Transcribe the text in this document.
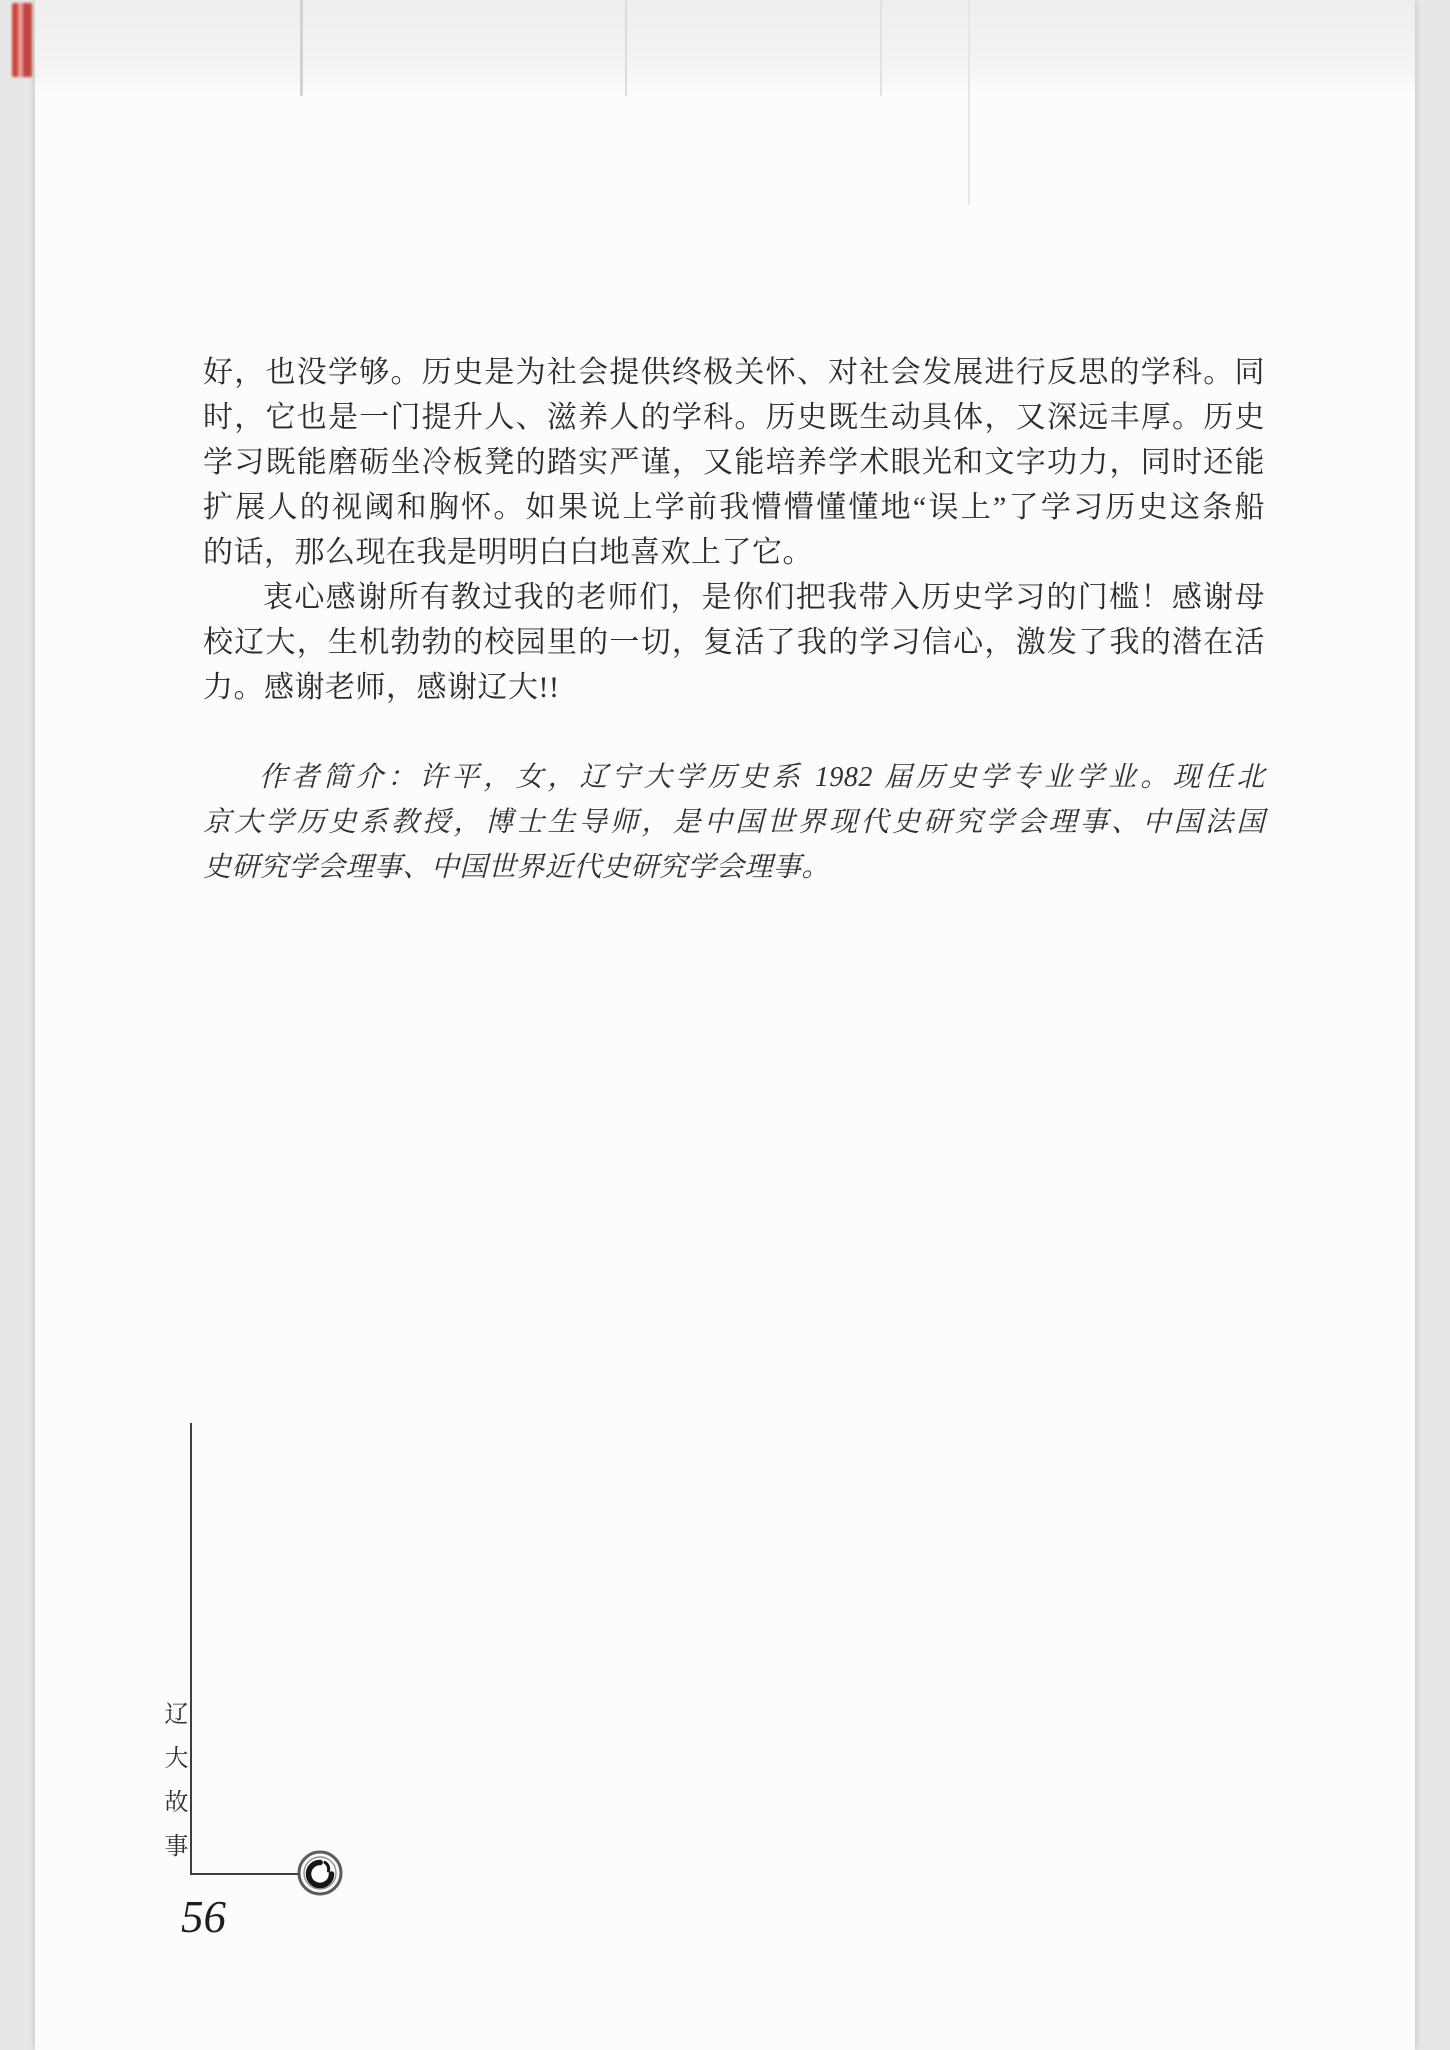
好，也没学够。历史是为社会提供终极关怀、对社会发展进行反思的学科。同
时，它也是一门提升人、滋养人的学科。历史既生动具体，又深远丰厚。历史
学习既能磨砺坐冷板凳的踏实严谨，又能培养学术眼光和文字功力，同时还能
扩展人的视阈和胸怀。如果说上学前我懵懵懂懂地“误上”了学习历史这条船
的话，那么现在我是明明白白地喜欢上了它。

衷心感谢所有教过我的老师们，是你们把我带入历史学习的门槛！感谢母
校辽大，生机勃勃的校园里的一切，复活了我的学习信心，激发了我的潜在活
力。感谢老师，感谢辽大!!

作者简介：许平，女，辽宁大学历史系 1982 届历史学专业学业。现任北
京大学历史系教授，博士生导师，是中国世界现代史研究学会理事、中国法国
史研究学会理事、中国世界近代史研究学会理事。

辽大故事
56
